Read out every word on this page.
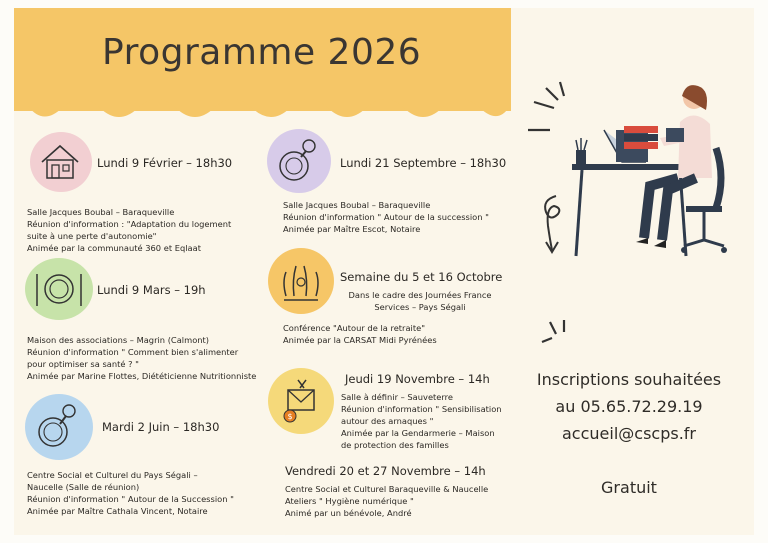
Programme 2026
Lundi 9 Février – 18h30
Salle Jacques Boubal – Baraqueville
Réunion d'information : "Adaptation du logement
suite à une perte d'autonomie"
Animée par la communauté 360 et Eqlaat
Lundi 9 Mars – 19h
Maison des associations – Magrin (Calmont)
Réunion d'information " Comment bien s'alimenter
pour optimiser sa santé ? "
Animée par Marine Flottes, Diététicienne Nutritionniste
Mardi 2 Juin – 18h30
Centre Social et Culturel du Pays Ségali –
Naucelle (Salle de réunion)
Réunion d'information " Autour de la Succession "
Animée par Maître Cathala Vincent, Notaire
Lundi 21 Septembre – 18h30
Salle Jacques Boubal – Baraqueville
Réunion d'information " Autour de la succession "
Animée par Maître Escot, Notaire
Semaine du 5 et 16 Octobre
Dans le cadre des Journées France
Services – Pays Ségali
Conférence "Autour de la retraite"
Animée par la CARSAT Midi Pyrénées
$
Jeudi 19 Novembre – 14h
Salle à définir – Sauveterre
Réunion d'information " Sensibilisation
autour des arnaques "
Animée par la Gendarmerie – Maison
de protection des familles
Vendredi 20 et 27 Novembre – 14h
Centre Social et Culturel Baraqueville & Naucelle
Ateliers " Hygiène numérique "
Animé par un bénévole, André
Inscriptions souhaitées
au 05.65.72.29.19
accueil@cscps.fr
Gratuit
